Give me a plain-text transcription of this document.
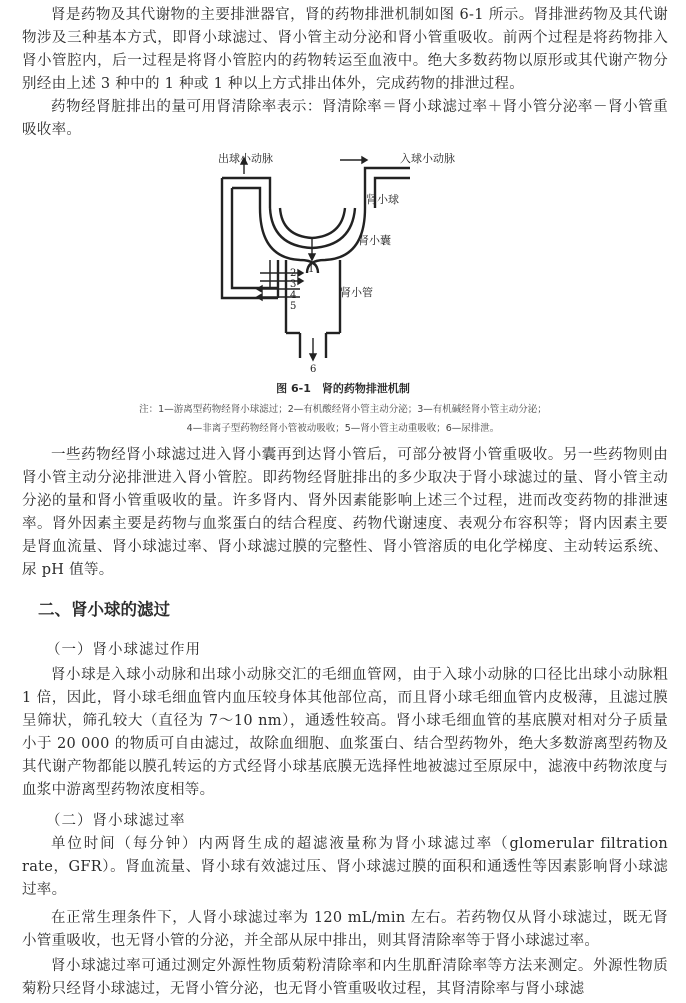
肾是药物及其代谢物的主要排泄器官，肾的药物排泄机制如图 6-1 所示。肾排泄药物及其代谢物涉及三种基本方式，即肾小球滤过、肾小管主动分泌和肾小管重吸收。前两个过程是将药物排入肾小管腔内，后一过程是将肾小管腔内的药物转运至血液中。绝大多数药物以原形或其代谢产物分别经由上述 3 种中的 1 种或 1 种以上方式排出体外，完成药物的排泄过程。

药物经肾脏排出的量可用肾清除率表示：肾清除率＝肾小球滤过率＋肾小管分泌率－肾小管重吸收率。

出球小动脉	入球小动脉
肾小球
肾小囊
肾小管
1
2
3
4
5
6
图 6-1　肾的药物排泄机制
注：1—游离型药物经肾小球滤过；2—有机酸经肾小管主动分泌；3—有机碱经肾小管主动分泌；
4—非离子型药物经肾小管被动吸收；5—肾小管主动重吸收；6—尿排泄。

一些药物经肾小球滤过进入肾小囊再到达肾小管后，可部分被肾小管重吸收。另一些药物则由肾小管主动分泌排泄进入肾小管腔。即药物经肾脏排出的多少取决于肾小球滤过的量、肾小管主动分泌的量和肾小管重吸收的量。许多肾内、肾外因素能影响上述三个过程，进而改变药物的排泄速率。肾外因素主要是药物与血浆蛋白的结合程度、药物代谢速度、表观分布容积等；肾内因素主要是肾血流量、肾小球滤过率、肾小球滤过膜的完整性、肾小管溶质的电化学梯度、主动转运系统、尿 pH 值等。

二、肾小球的滤过
（一）肾小球滤过作用

肾小球是入球小动脉和出球小动脉交汇的毛细血管网，由于入球小动脉的口径比出球小动脉粗 1 倍，因此，肾小球毛细血管内血压较身体其他部位高，而且肾小球毛细血管内皮极薄，且滤过膜呈筛状，筛孔较大（直径为 7～10 nm），通透性较高。肾小球毛细血管的基底膜对相对分子质量小于 20 000 的物质可自由滤过，故除血细胞、血浆蛋白、结合型药物外，绝大多数游离型药物及其代谢产物都能以膜孔转运的方式经肾小球基底膜无选择性地被滤过至原尿中，滤液中药物浓度与血浆中游离型药物浓度相等。

（二）肾小球滤过率

单位时间（每分钟）内两肾生成的超滤液量称为肾小球滤过率（glomerular filtration rate，GFR）。肾血流量、肾小球有效滤过压、肾小球滤过膜的面积和通透性等因素影响肾小球滤过率。

在正常生理条件下，人肾小球滤过率为 120 mL/min 左右。若药物仅从肾小球滤过，既无肾小管重吸收，也无肾小管的分泌，并全部从尿中排出，则其肾清除率等于肾小球滤过率。

肾小球滤过率可通过测定外源性物质菊粉清除率和内生肌酐清除率等方法来测定。外源性物质菊粉只经肾小球滤过，无肾小管分泌，也无肾小管重吸收过程，其肾清除率与肾小球滤
